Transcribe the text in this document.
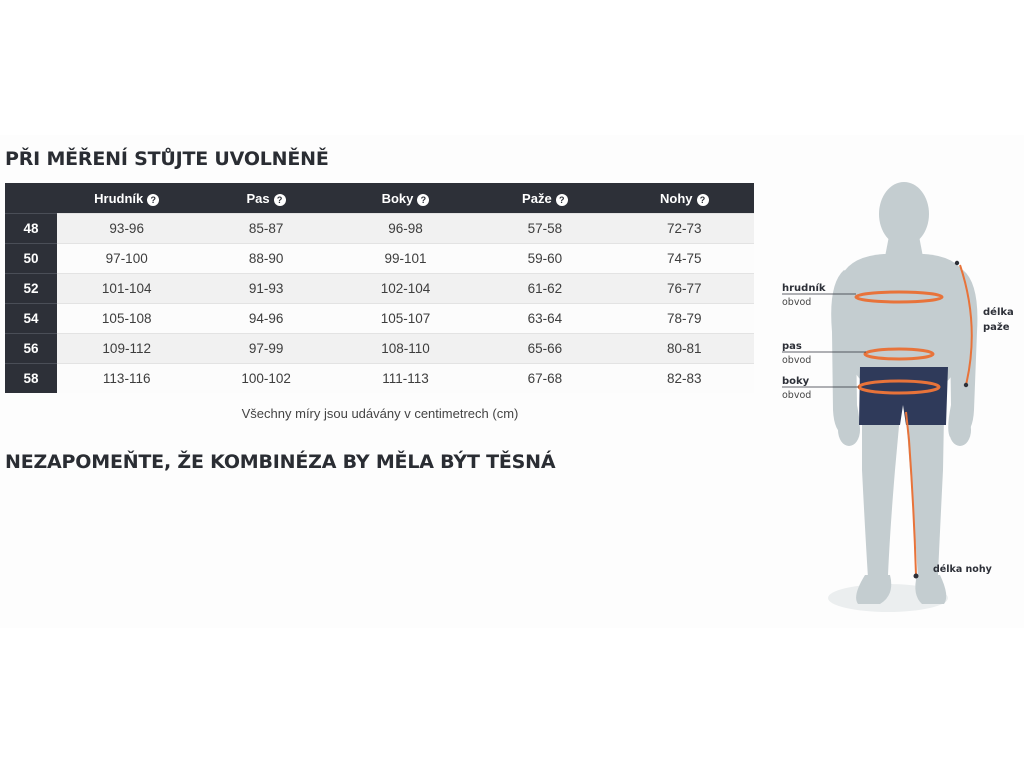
PŘI MĚŘENÍ STŮJTE UVOLNĚNĚ
	Hrudník ?	Pas ?	Boky ?	Paže ?	Nohy ?
48	93-96	85-87	96-98	57-58	72-73
50	97-100	88-90	99-101	59-60	74-75
52	101-104	91-93	102-104	61-62	76-77
54	105-108	94-96	105-107	63-64	78-79
56	109-112	97-99	108-110	65-66	80-81
58	113-116	100-102	111-113	67-68	82-83
Všechny míry jsou udávány v centimetrech (cm)
NEZAPOMEŇTE, ŽE KOMBINÉZA BY MĚLA BÝT TĚSNÁ
hrudník
obvod
pas
obvod
boky
obvod
délka
paže
délka nohy
